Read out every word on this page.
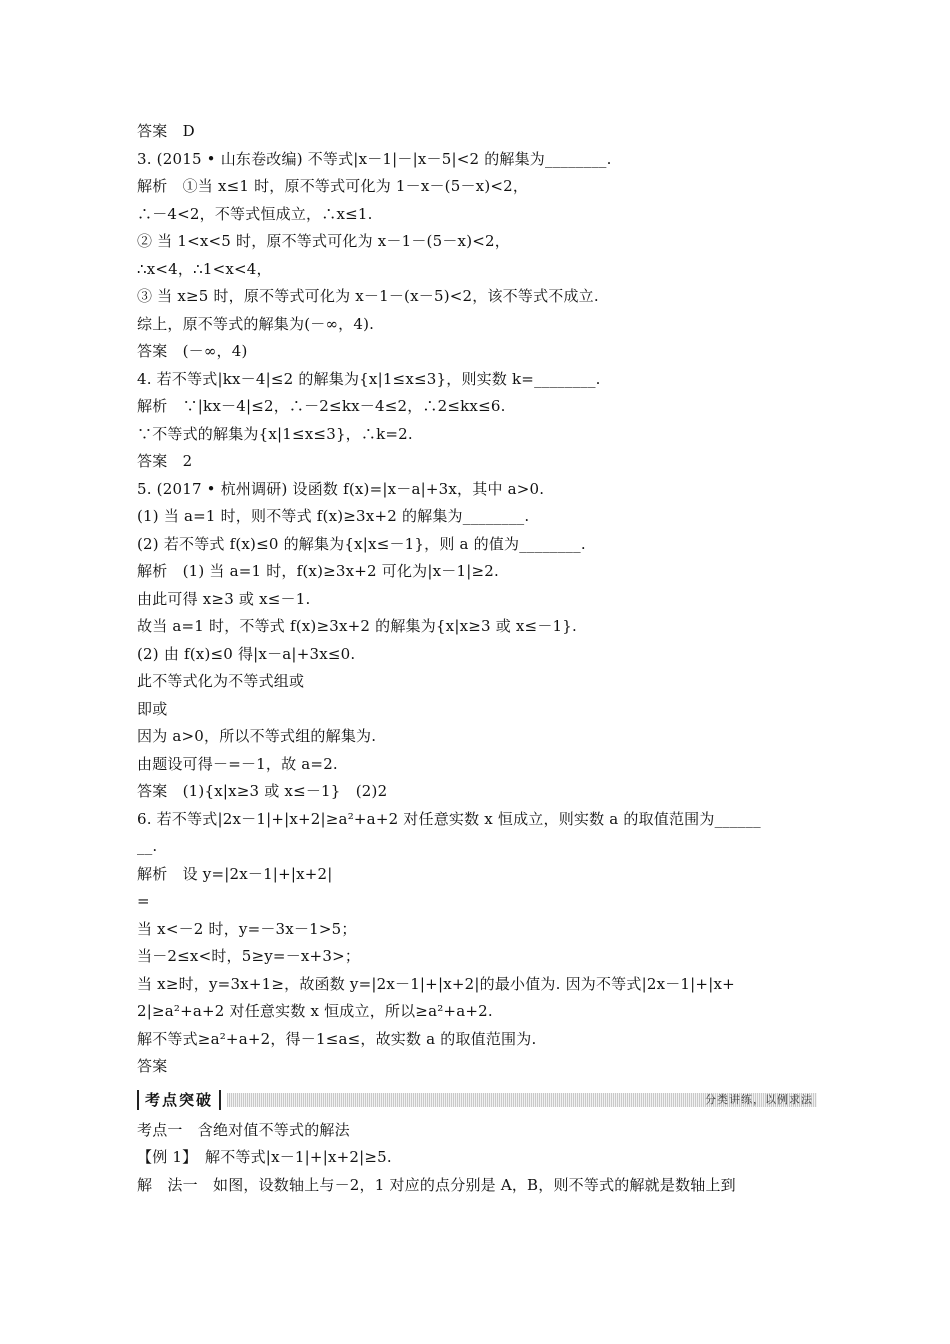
答案　D
3. (2015 • 山东卷改编) 不等式|x－1|－|x－5|<2 的解集为________.
解析　①当 x≤1 时，原不等式可化为 1－x－(5－x)<2，
∴－4<2，不等式恒成立，∴x≤1.
② 当 1<x<5 时，原不等式可化为 x－1－(5－x)<2，
∴x<4，∴1<x<4，
③ 当 x≥5 时，原不等式可化为 x－1－(x－5)<2，该不等式不成立.
综上，原不等式的解集为(－∞，4).
答案　(－∞，4)
4. 若不等式|kx－4|≤2 的解集为{x|1≤x≤3}，则实数 k=________.
解析　∵|kx－4|≤2，∴－2≤kx－4≤2，∴2≤kx≤6.
∵不等式的解集为{x|1≤x≤3}，∴k=2.
答案　2
5. (2017 • 杭州调研) 设函数 f(x)=|x－a|+3x，其中 a>0.
(1) 当 a=1 时，则不等式 f(x)≥3x+2 的解集为________.
(2) 若不等式 f(x)≤0 的解集为{x|x≤－1}，则 a 的值为________.
解析　(1) 当 a=1 时，f(x)≥3x+2 可化为|x－1|≥2.
由此可得 x≥3 或 x≤－1.
故当 a=1 时，不等式 f(x)≥3x+2 的解集为{x|x≥3 或 x≤－1}.
(2) 由 f(x)≤0 得|x－a|+3x≤0.
此不等式化为不等式组或
即或
因为 a>0，所以不等式组的解集为.
由题设可得－=－1，故 a=2.
答案　(1){x|x≥3 或 x≤－1}　(2)2
6. 若不等式|2x－1|+|x+2|≥a²+a+2 对任意实数 x 恒成立，则实数 a 的取值范围为______
__.
解析　设 y=|2x－1|+|x+2|
=
当 x<－2 时，y=－3x－1>5；
当－2≤x<时，5≥y=－x+3>；
当 x≥时，y=3x+1≥，故函数 y=|2x－1|+|x+2|的最小值为. 因为不等式|2x－1|+|x+
2|≥a²+a+2 对任意实数 x 恒成立，所以≥a²+a+2.
解不等式≥a²+a+2，得－1≤a≤，故实数 a 的取值范围为.
答案
考点突破	分类讲练，以例求法
考点一　含绝对值不等式的解法
【例 1】　解不等式|x－1|+|x+2|≥5.
解　法一　如图，设数轴上与－2，1 对应的点分别是 A，B，则不等式的解就是数轴上到
